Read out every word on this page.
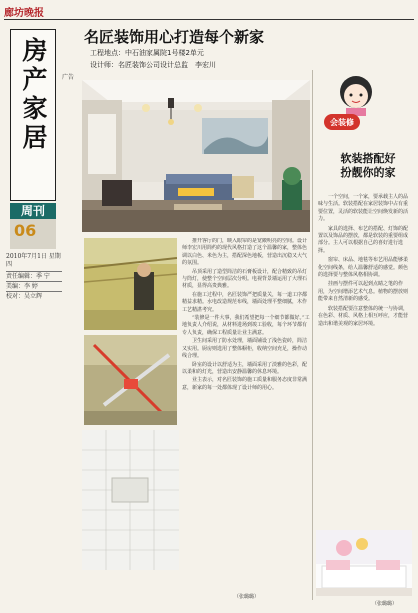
廊坊晚报
房产家居
周刊
06
2010年7月1日 星期四
责任编辑：季 宁
美编：李 婷
校对：吴立辉
广告
名匠装饰用心打造每个新家
工程地点：中石油家属院1号楼2单元
设计师：名匠装饰公司设计总监　李宏川

推开客厅的门，映入眼帘的是宽敞明亮的空间。设计师李宏川用简约的现代风格打造了这个温馨的家，整体色调以白色、米色为主，搭配深色地板，营造出沉稳又大气的氛围。

吊顶采用了造型简洁的石膏板设计，配合精致的吊灯与筒灯，使整个空间层次分明。电视背景墙运用了大理石材质，显得高贵典雅。

在施工过程中，名匠装饰严把质量关，每一道工序都精益求精。水电改造规范布线，墙面处理平整细腻，木作工艺精湛考究。

“装修是一件大事，我们希望把每一个细节都做好。”工地负责人介绍说，从材料进场到竣工验收，每个环节都有专人负责，确保工程质量让业主满意。

卫生间采用了防水处理，墙面铺设了浅色瓷砖，简洁又实用。厨房则选用了整体橱柜，收纳空间充足，操作动线合理。

卧室的设计以舒适为主，墙面采用了淡雅的色彩，配以柔和的灯光，营造出安静温馨的休息环境。

业主表示，对名匠装饰的施工质量和服务态度非常满意，新家的每一处都体现了设计师的用心。

（张璐璐）
会装修
软装搭配好
扮靓你的家

一个空间，一个家，要承载主人的品味与生活。软装搭配在家居装饰中占有重要位置，灵活的软装能让空间焕发新的活力。

家具的选择、布艺的搭配、灯饰的配置以及饰品的摆放，都是软装的重要组成部分。主人可以根据自己的喜好进行选择。

窗帘、床品、地毯等布艺用品能够柔化空间线条，给人温馨舒适的感觉。颜色的选择要与整体风格相协调。

挂画与摆件可以起到点睛之笔的作用，为空间增添艺术气息。植物的摆放则能带来自然清新的感受。

软装搭配要注意整体的统一与协调，在色彩、材质、风格上相互呼应，才能营造出和谐美观的家居环境。

（张璐璐）
